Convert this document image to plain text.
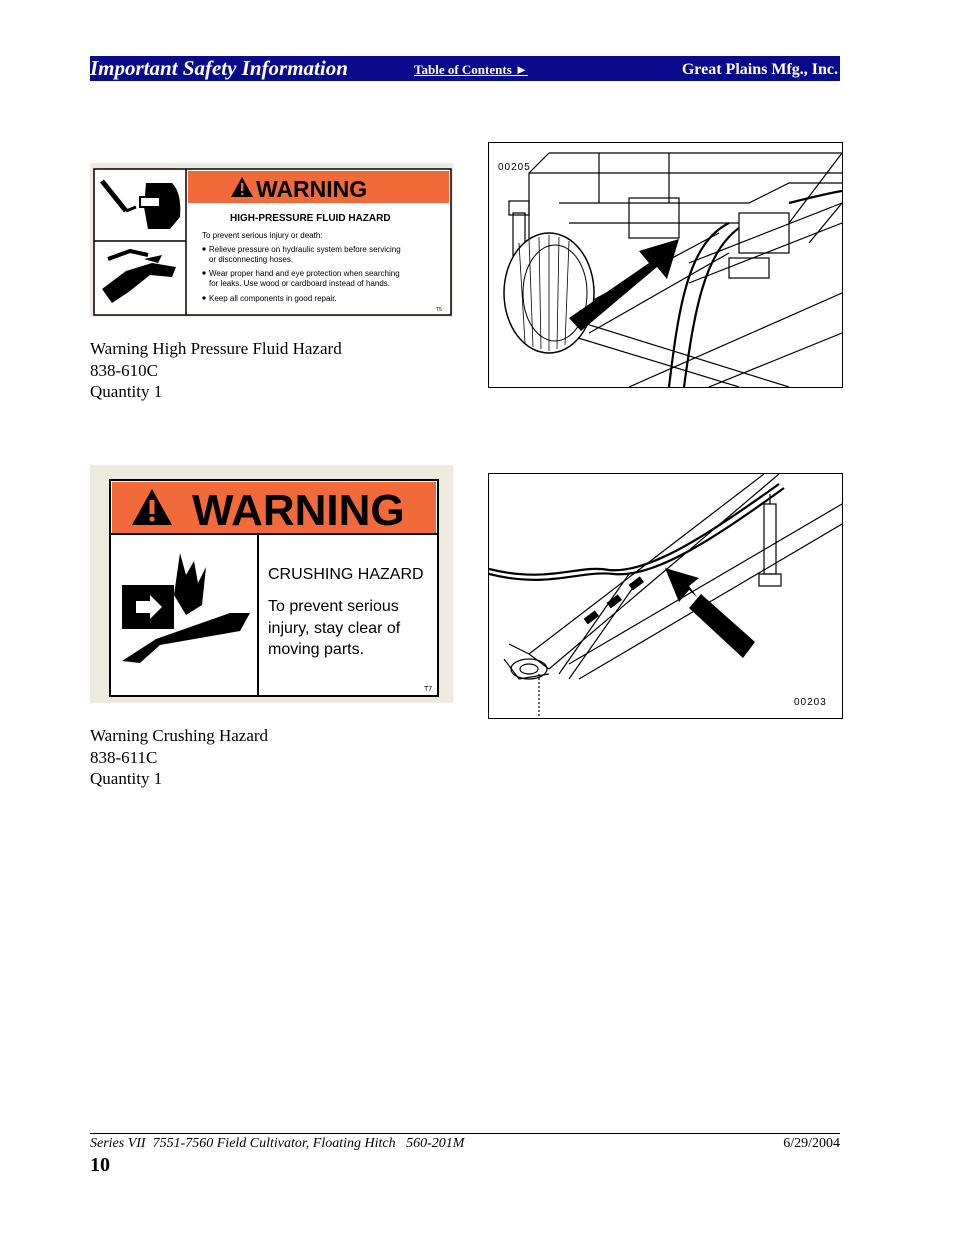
Important Safety Information	Table of Contents ►	Great Plains Mfg., Inc.
WARNING
HIGH-PRESSURE FLUID HAZARD
To prevent serious injury or death:
Relieve pressure on hydraulic system before servicing
or disconnecting hoses.
Wear proper hand and eye protection when searching
for leaks. Use wood or cardboard instead of hands.
Keep all components in good repair.
T5
Warning High Pressure Fluid Hazard
838-610C
Quantity 1
00205
WARNING
CRUSHING HAZARD
To prevent serious
injury, stay clear of
moving parts.
T7
Warning Crushing Hazard
838-611C
Quantity 1
00203
Series VII  7551-7560 Field Cultivator, Floating Hitch   560-201M	6/29/2004
10
